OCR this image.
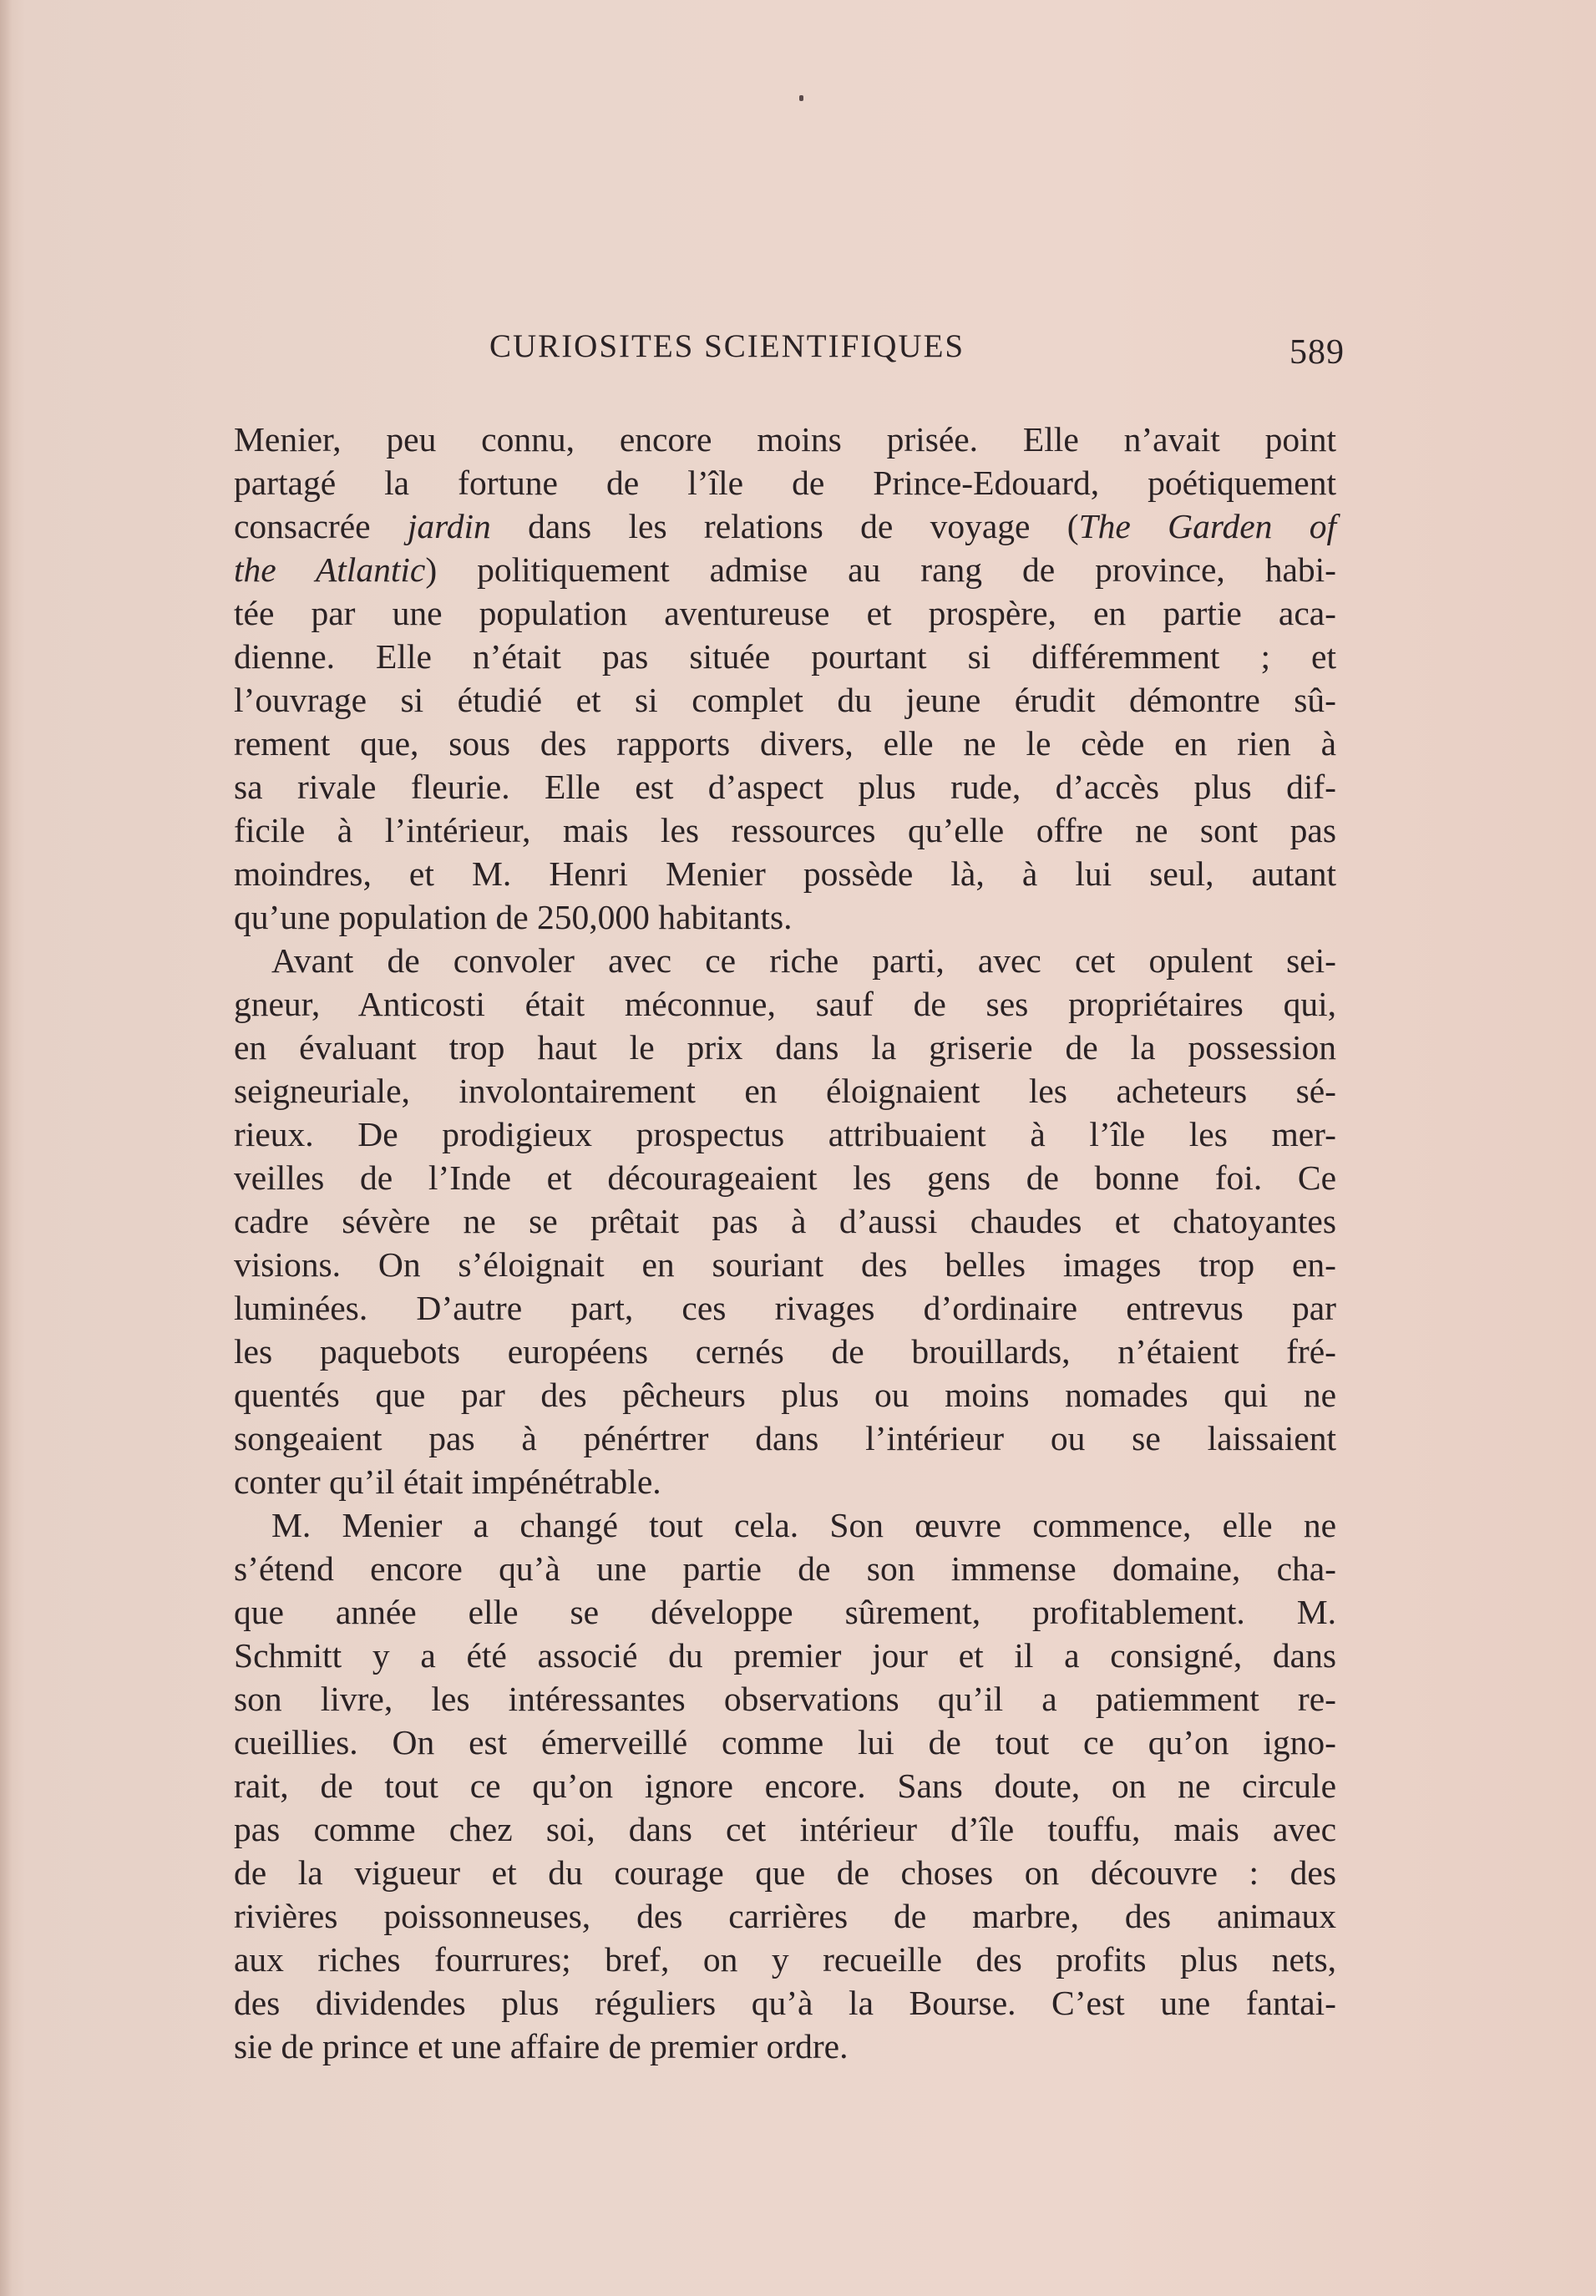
CURIOSITES SCIENTIFIQUES	589
Menier, peu connu, encore moins prisée. Elle n’avait point
partagé la fortune de l’île de Prince-Edouard, poétiquement
consacrée jardin dans les relations de voyage (The Garden of
the Atlantic) politiquement admise au rang de province, habi-
tée par une population aventureuse et prospère, en partie aca-
dienne. Elle n’était pas située pourtant si différemment ; et
l’ouvrage si étudié et si complet du jeune érudit démontre sû-
rement que, sous des rapports divers, elle ne le cède en rien à
sa rivale fleurie. Elle est d’aspect plus rude, d’accès plus dif-
ficile à l’intérieur, mais les ressources qu’elle offre ne sont pas
moindres, et M. Henri Menier possède là, à lui seul, autant
qu’une population de 250,000 habitants.
Avant de convoler avec ce riche parti, avec cet opulent sei-
gneur, Anticosti était méconnue, sauf de ses propriétaires qui,
en évaluant trop haut le prix dans la griserie de la possession
seigneuriale, involontairement en éloignaient les acheteurs sé-
rieux. De prodigieux prospectus attribuaient à l’île les mer-
veilles de l’Inde et décourageaient les gens de bonne foi. Ce
cadre sévère ne se prêtait pas à d’aussi chaudes et chatoyantes
visions. On s’éloignait en souriant des belles images trop en-
luminées. D’autre part, ces rivages d’ordinaire entrevus par
les paquebots européens cernés de brouillards, n’étaient fré-
quentés que par des pêcheurs plus ou moins nomades qui ne
songeaient pas à pénértrer dans l’intérieur ou se laissaient
conter qu’il était impénétrable.
M. Menier a changé tout cela. Son œuvre commence, elle ne
s’étend encore qu’à une partie de son immense domaine, cha-
que année elle se développe sûrement, profitablement. M.
Schmitt y a été associé du premier jour et il a consigné, dans
son livre, les intéressantes observations qu’il a patiemment re-
cueillies. On est émerveillé comme lui de tout ce qu’on igno-
rait, de tout ce qu’on ignore encore. Sans doute, on ne circule
pas comme chez soi, dans cet intérieur d’île touffu, mais avec
de la vigueur et du courage que de choses on découvre : des
rivières poissonneuses, des carrières de marbre, des animaux
aux riches fourrures; bref, on y recueille des profits plus nets,
des dividendes plus réguliers qu’à la Bourse. C’est une fantai-
sie de prince et une affaire de premier ordre.
